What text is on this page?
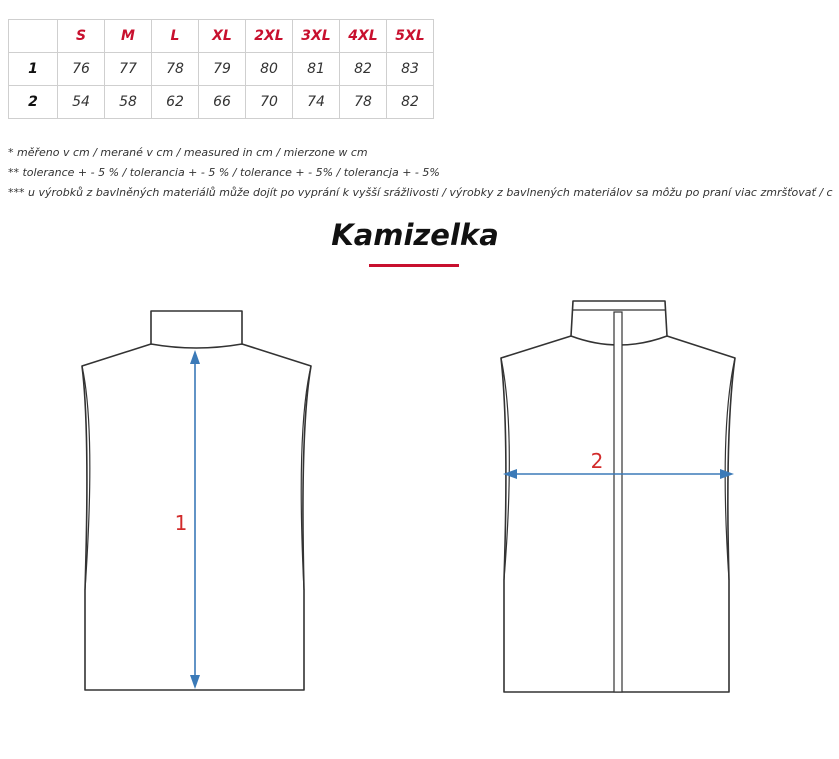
	S	M	L	XL	2XL	3XL	4XL	5XL
1	76	77	78	79	80	81	82	83
2	54	58	62	66	70	74	78	82
* měřeno v cm / merané v cm / measured in cm / mierzone w cm
** tolerance + - 5 % / tolerancia + - 5 % / tolerance + - 5% / tolerancja + - 5%
*** u výrobků z bavlněných materiálů může dojít po vyprání k vyšší srážlivosti / výrobky z bavlnených materiálov sa môžu po praní viac zmršťovať / c
Kamizelka
1
2
